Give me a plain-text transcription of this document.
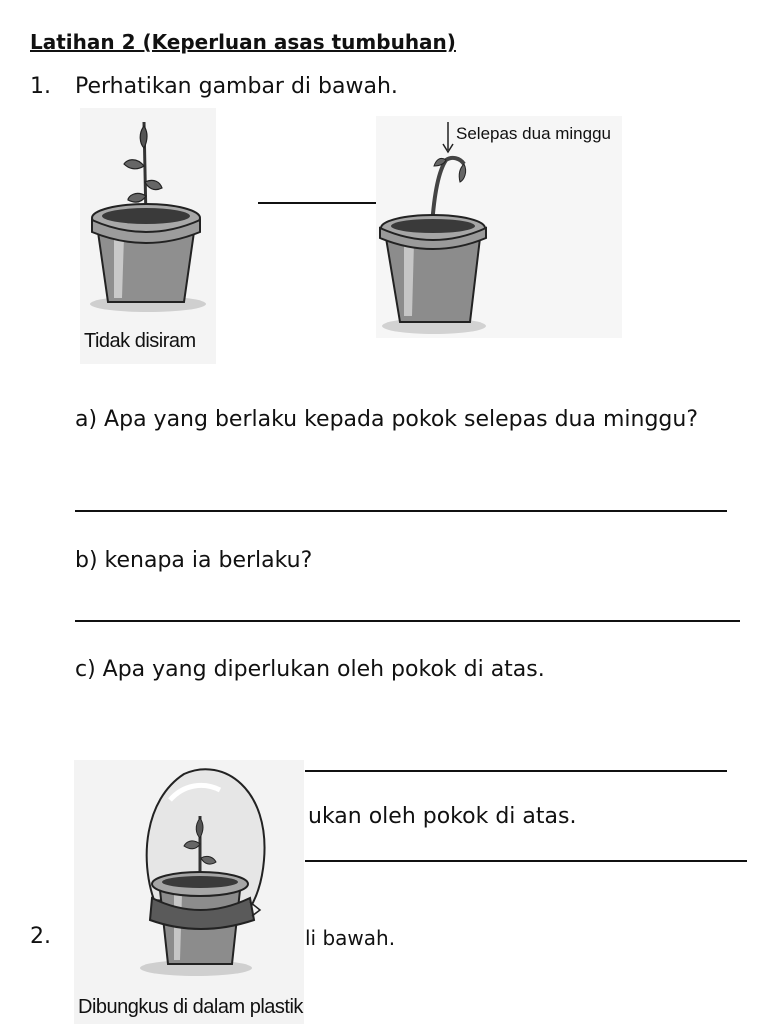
Latihan 2 (Keperluan asas tumbuhan)
1. Perhatikan gambar di bawah.
Tidak disiram
Selepas dua minggu
a) Apa yang berlaku kepada pokok selepas dua minggu?
b) kenapa ia berlaku?
c) Apa yang diperlukan oleh pokok di atas.
ukan oleh pokok di atas.
2.	li bawah.
Dibungkus di dalam plastik
